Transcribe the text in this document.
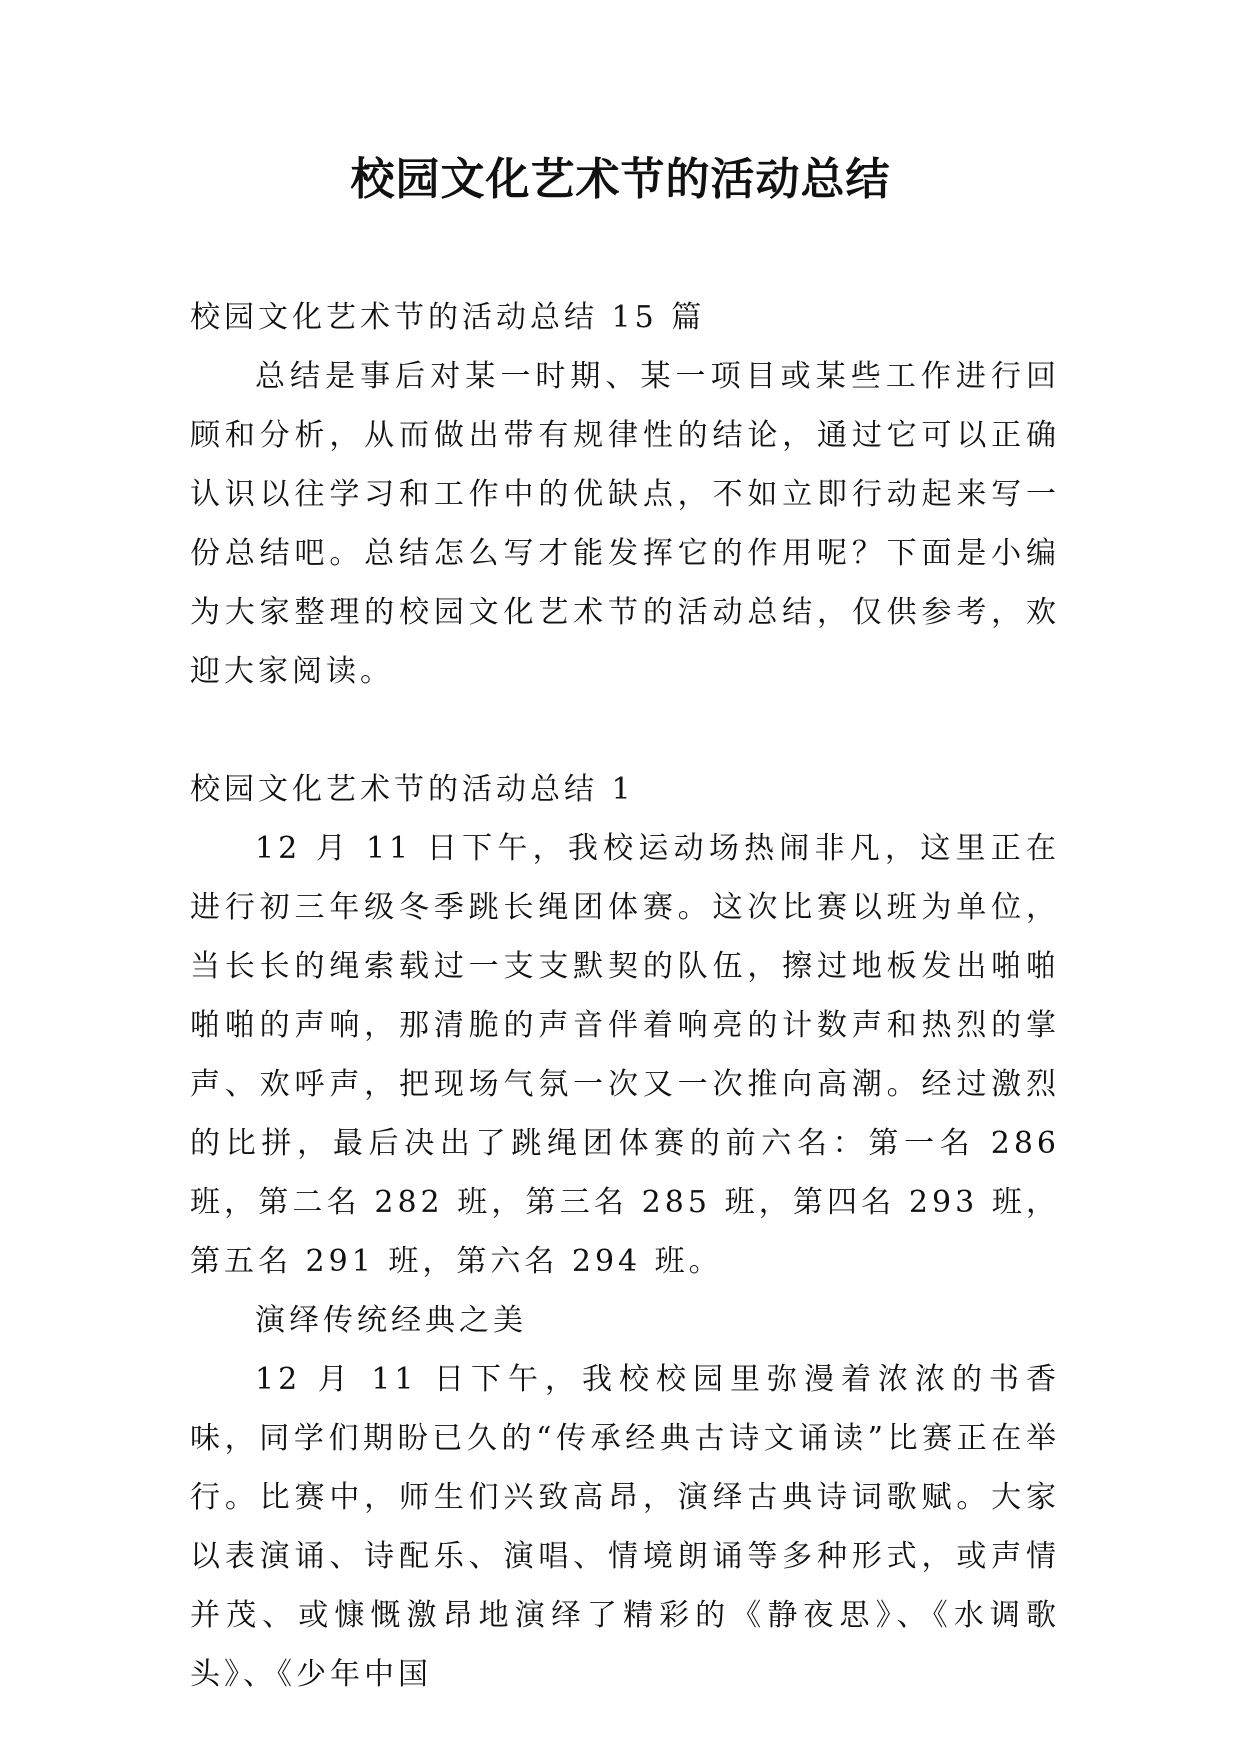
校园文化艺术节的活动总结

校园文化艺术节的活动总结 15 篇

总结是事后对某一时期、某一项目或某些工作进行回顾和分析，从而做出带有规律性的结论，通过它可以正确认识以往学习和工作中的优缺点，不如立即行动起来写一份总结吧。总结怎么写才能发挥它的作用呢？下面是小编为大家整理的校园文化艺术节的活动总结，仅供参考，欢迎大家阅读。

校园文化艺术节的活动总结 1

12 月 11 日下午，我校运动场热闹非凡，这里正在进行初三年级冬季跳长绳团体赛。这次比赛以班为单位，当长长的绳索载过一支支默契的队伍，擦过地板发出啪啪啪啪的声响，那清脆的声音伴着响亮的计数声和热烈的掌声、欢呼声，把现场气氛一次又一次推向高潮。经过激烈的比拼，最后决出了跳绳团体赛的前六名：第一名 286 班，第二名 282 班，第三名 285 班，第四名 293 班，第五名 291 班，第六名 294 班。

演绎传统经典之美

12 月 11 日下午，我校校园里弥漫着浓浓的书香味，同学们期盼已久的“传承经典古诗文诵读”比赛正在举行。比赛中，师生们兴致高昂，演绎古典诗词歌赋。大家以表演诵、诗配乐、演唱、情境朗诵等多种形式，或声情并茂、或慷慨激昂地演绎了精彩的《静夜思》、《水调歌头》、《少年中国
